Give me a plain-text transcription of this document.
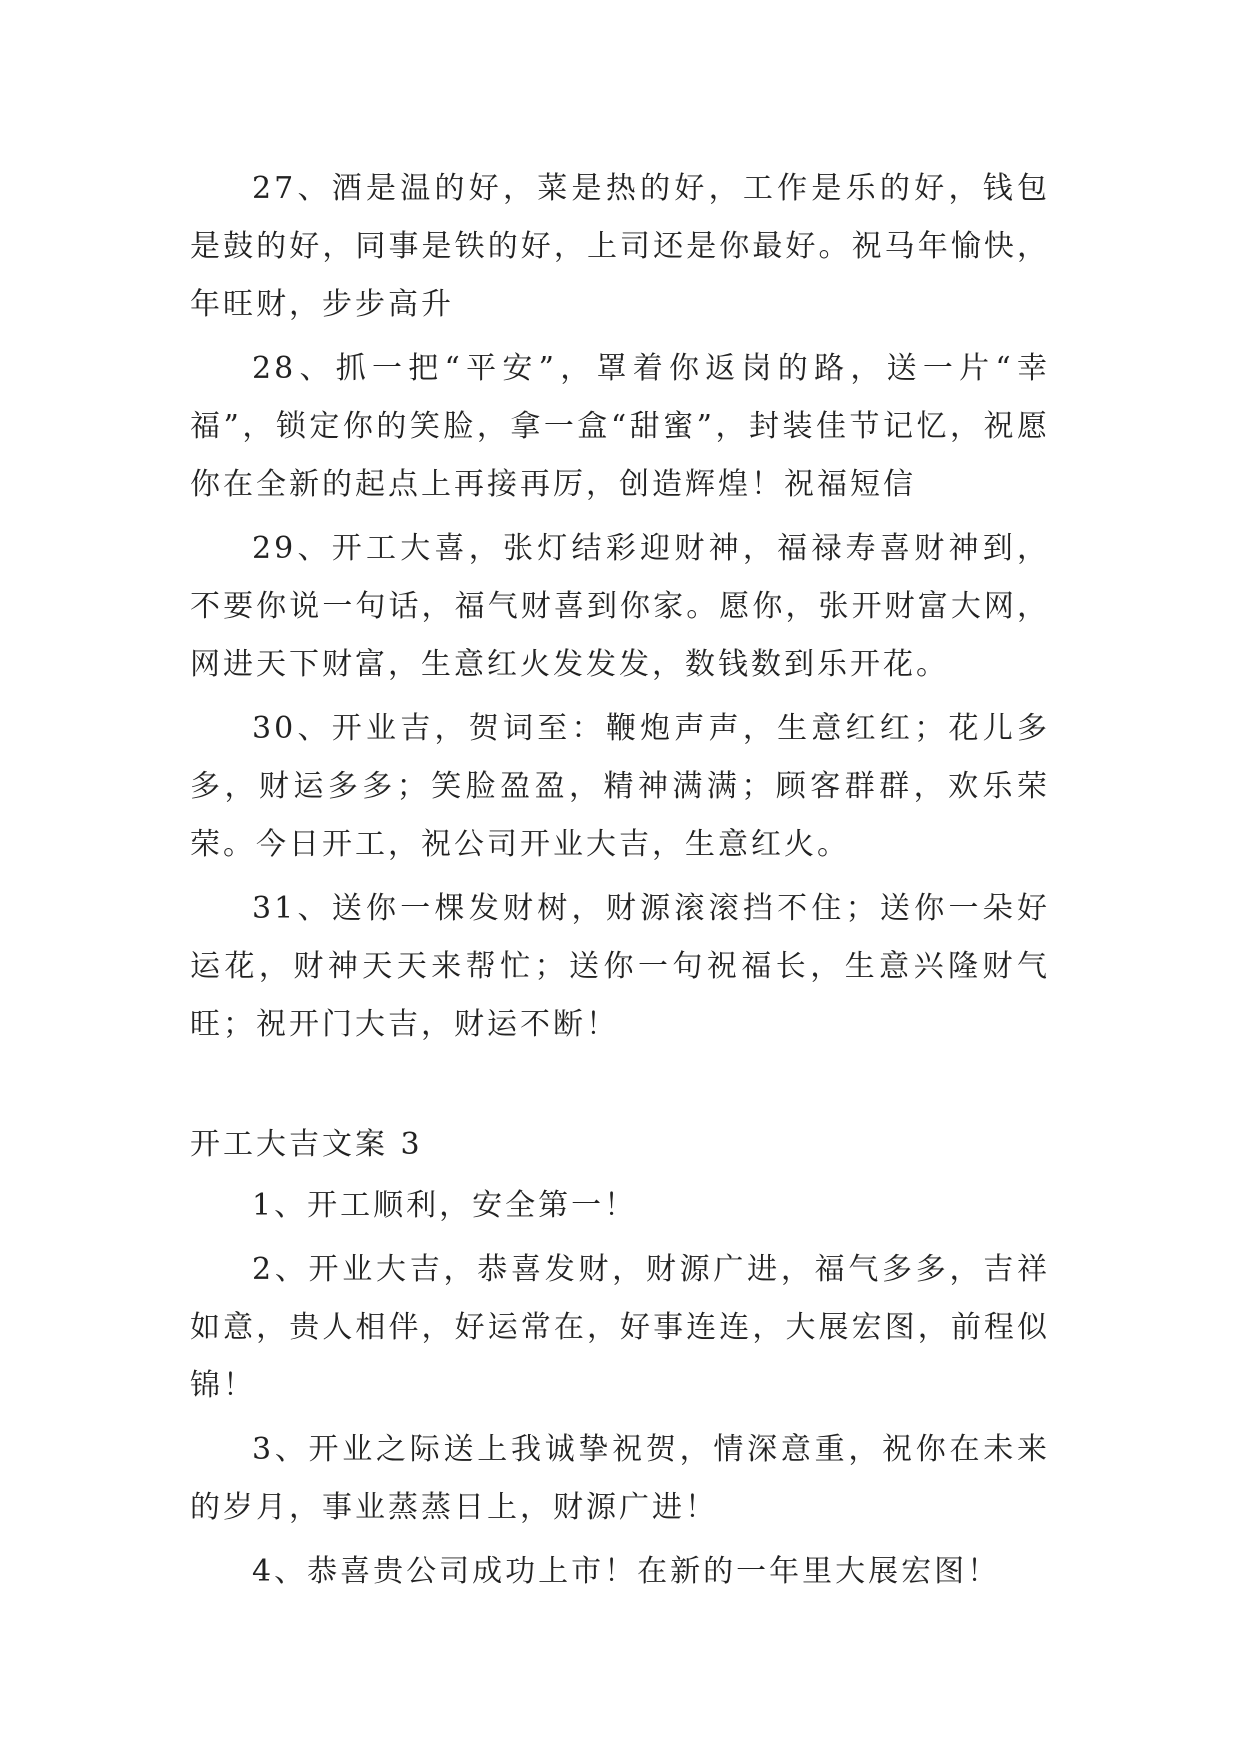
27、酒是温的好，菜是热的好，工作是乐的好，钱包是鼓的好，同事是铁的好，上司还是你最好。祝马年愉快，年旺财，步步高升

28、抓一把“平安”，罩着你返岗的路，送一片“幸福”，锁定你的笑脸，拿一盒“甜蜜”，封装佳节记忆，祝愿你在全新的起点上再接再厉，创造辉煌！祝福短信

29、开工大喜，张灯结彩迎财神，福禄寿喜财神到，不要你说一句话，福气财喜到你家。愿你，张开财富大网，网进天下财富，生意红火发发发，数钱数到乐开花。

30、开业吉，贺词至：鞭炮声声，生意红红；花儿多多，财运多多；笑脸盈盈，精神满满；顾客群群，欢乐荣荣。今日开工，祝公司开业大吉，生意红火。

31、送你一棵发财树，财源滚滚挡不住；送你一朵好运花，财神天天来帮忙；送你一句祝福长，生意兴隆财气旺；祝开门大吉，财运不断！

开工大吉文案 3

1、开工顺利，安全第一！

2、开业大吉，恭喜发财，财源广进，福气多多，吉祥如意，贵人相伴，好运常在，好事连连，大展宏图，前程似锦！

3、开业之际送上我诚挚祝贺，情深意重，祝你在未来的岁月，事业蒸蒸日上，财源广进！

4、恭喜贵公司成功上市！在新的一年里大展宏图！
